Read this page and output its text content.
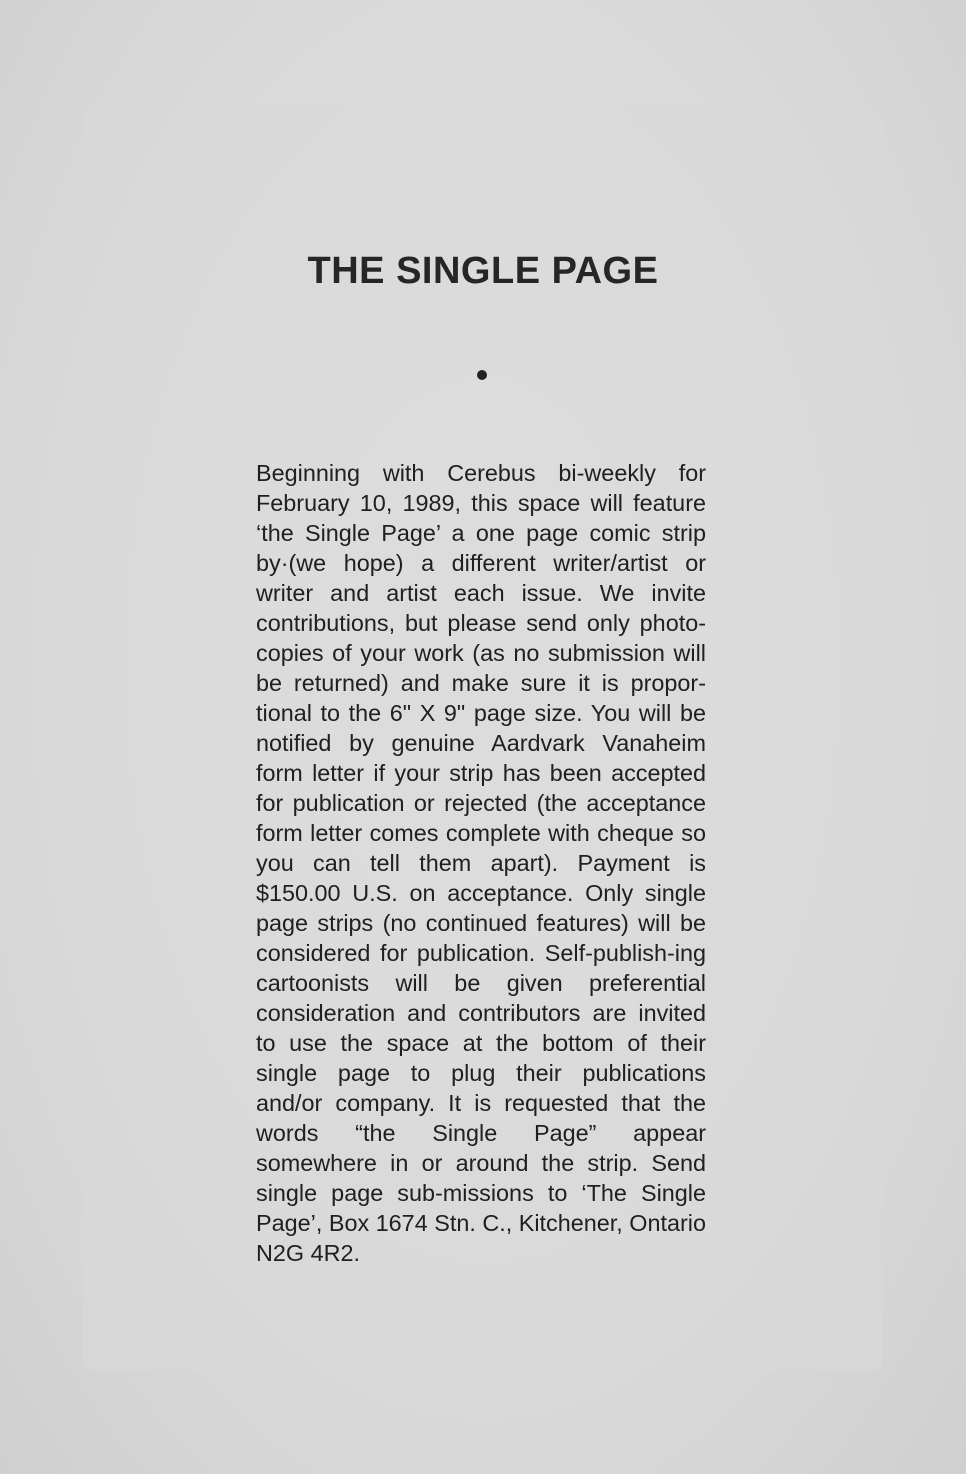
THE SINGLE PAGE

Beginning with Cerebus bi-weekly for February 10, 1989, this space will feature ‘the Single Page’ a one page comic strip by·(we hope) a different writer/artist or writer and artist each issue. We invite contributions, but please send only photo-copies of your work (as no submission will be returned) and make sure it is propor-tional to the 6" X 9" page size. You will be notified by genuine Aardvark Vanaheim form letter if your strip has been accepted for publication or rejected (the acceptance form letter comes complete with cheque so you can tell them apart). Payment is $150.00 U.S. on acceptance. Only single page strips (no continued features) will be considered for publication. Self-publish-ing cartoonists will be given preferential consideration and contributors are invited to use the space at the bottom of their single page to plug their publications and/or company. It is requested that the words “the Single Page” appear somewhere in or around the strip. Send single page sub-missions to ‘The Single Page’, Box 1674 Stn. C., Kitchener, Ontario N2G 4R2.
